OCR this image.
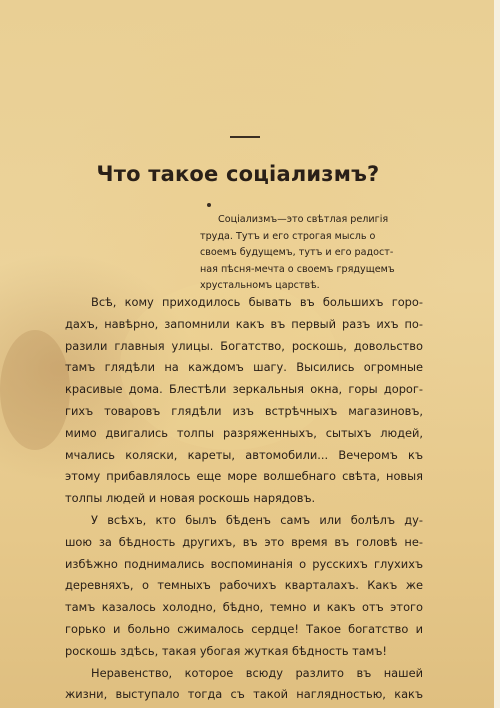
Что такое соціализмъ?
Соціализмъ—это свѣтлая религія
труда. Тутъ и его строгая мысль о
своемъ будущемъ, тутъ и его радост-
ная пѣсня-мечта о своемъ грядущемъ
хрустальномъ царствѣ.
Всѣ, кому приходилось бывать въ большихъ горо-
дахъ, навѣрно, запомнили какъ въ первый разъ ихъ по-
разили главныя улицы. Богатство, роскошь, довольство
тамъ глядѣли на каждомъ шагу. Высились огромные
красивые дома. Блестѣли зеркальныя окна, горы дорог-
гихъ товаровъ глядѣли изъ встрѣчныхъ магазиновъ,
мимо двигались толпы разряженныхъ, сытыхъ людей,
мчались коляски, кареты, автомобили... Вечеромъ къ
этому прибавлялось еще море волшебнаго свѣта, новыя
толпы людей и новая роскошь нарядовъ.
У всѣхъ, кто былъ бѣденъ самъ или болѣлъ ду-
шою за бѣдность другихъ, въ это время въ головѣ не-
избѣжно поднимались воспоминанія о русскихъ глухихъ
деревняхъ, о темныхъ рабочихъ кварталахъ. Какъ же
тамъ казалось холодно, бѣдно, темно и какъ отъ этого
горько и больно сжималось сердце! Такое богатство и
роскошь здѣсь, такая убогая жуткая бѣдность тамъ!
Неравенство, которое всюду разлито въ нашей
жизни, выступало тогда съ такой наглядностью, какъ
